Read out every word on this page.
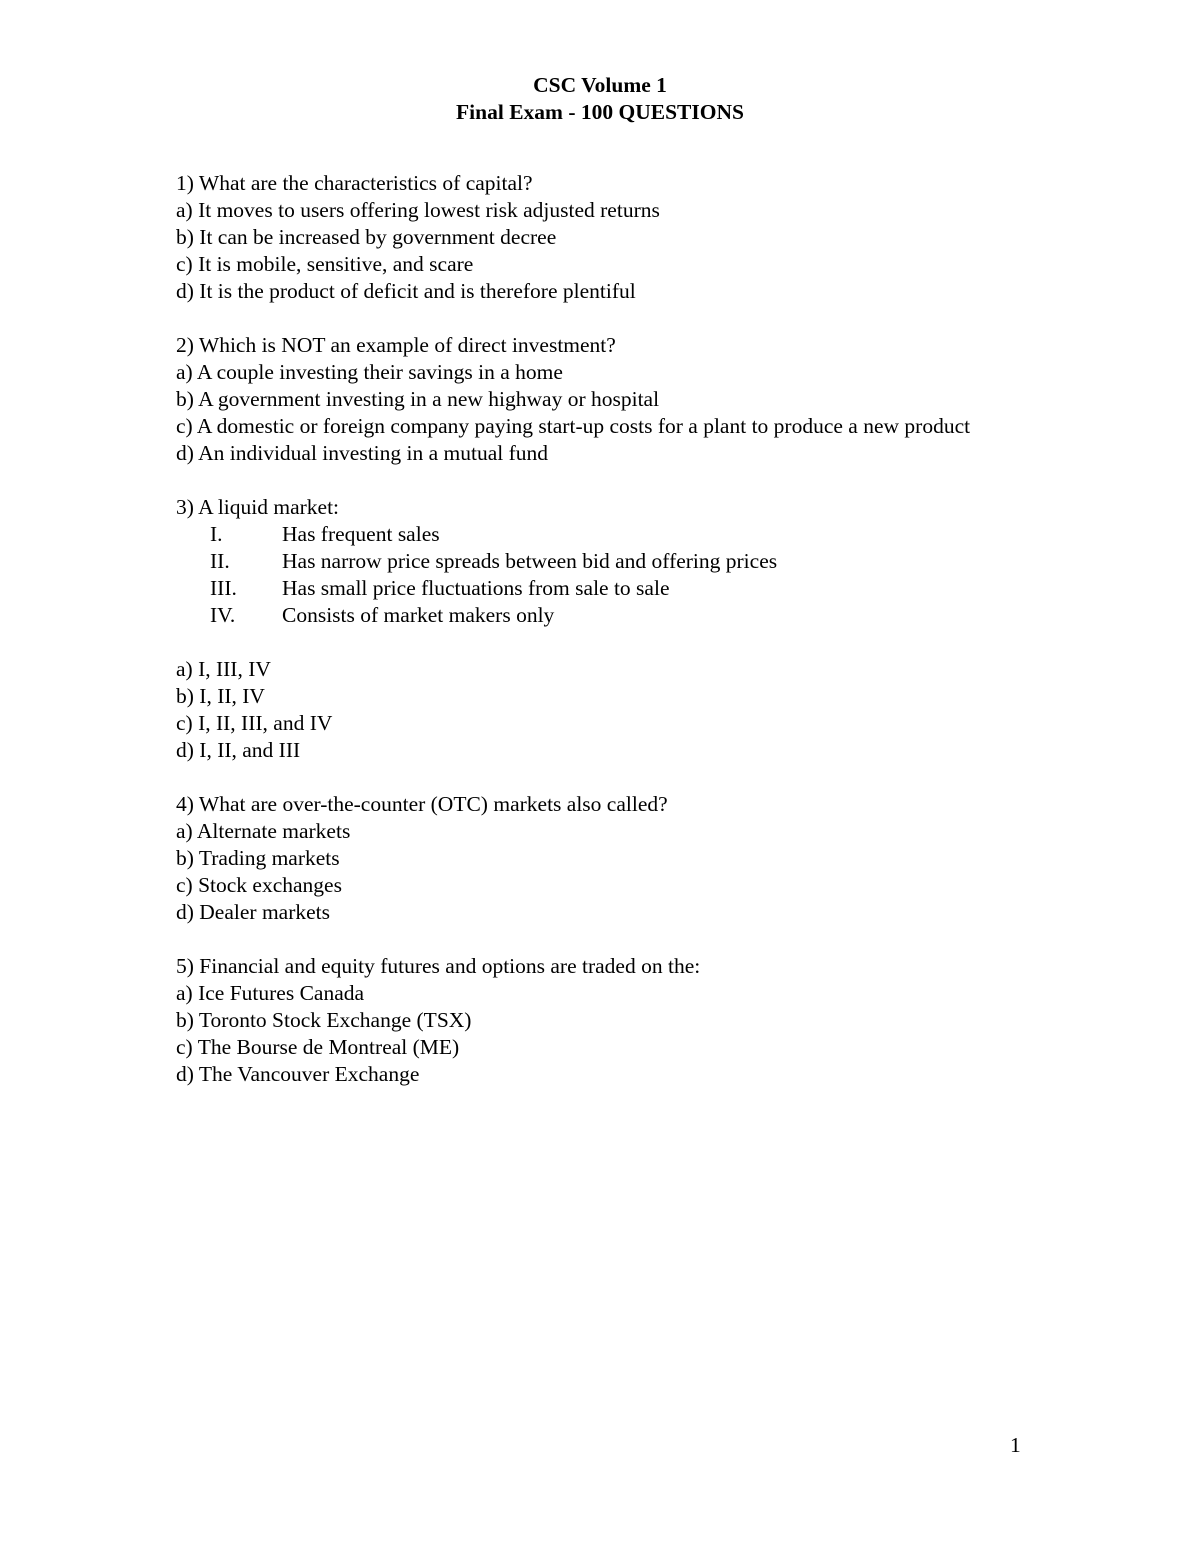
CSC Volume 1
Final Exam - 100 QUESTIONS

1) What are the characteristics of capital?

a) It moves to users offering lowest risk adjusted returns

b) It can be increased by government decree

c) It is mobile, sensitive, and scare

d) It is the product of deficit and is therefore plentiful

2) Which is NOT an example of direct investment?

a) A couple investing their savings in a home

b) A government investing in a new highway or hospital

c) A domestic or foreign company paying start-up costs for a plant to produce a new product

d) An individual investing in a mutual fund

3) A liquid market:

I.	Has frequent sales
II.	Has narrow price spreads between bid and offering prices
III.	Has small price fluctuations from sale to sale
IV.	Consists of market makers only

a) I, III, IV

b) I, II, IV

c) I, II, III, and IV

d) I, II, and III

4) What are over-the-counter (OTC) markets also called?

a) Alternate markets

b) Trading markets

c) Stock exchanges

d) Dealer markets

5) Financial and equity futures and options are traded on the:

a) Ice Futures Canada

b) Toronto Stock Exchange (TSX)

c) The Bourse de Montreal (ME)

d) The Vancouver Exchange

1
